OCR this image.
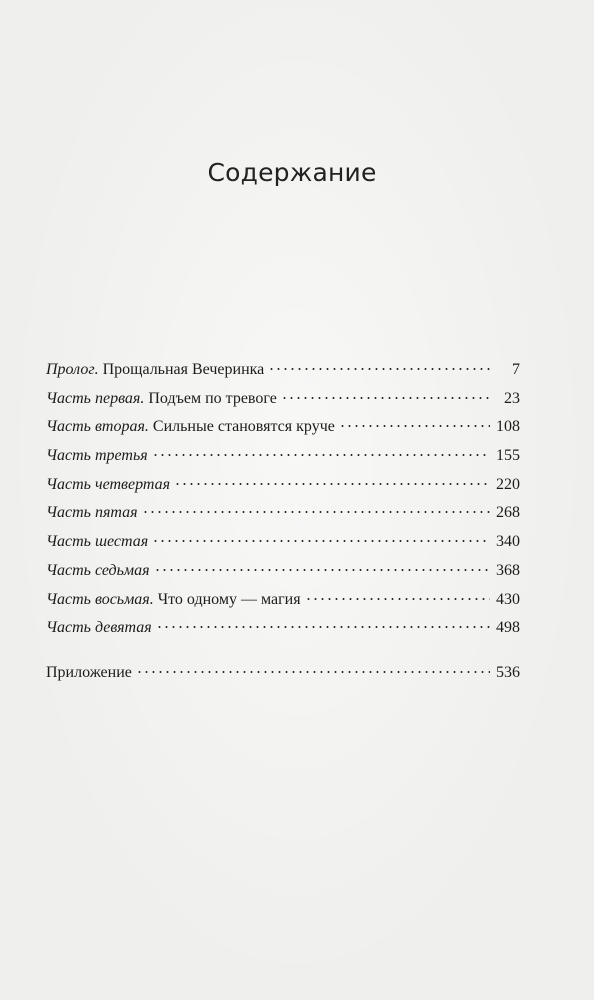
Содержание
Пролог . Прощальная Вечеринка	7
Часть первая . Подъем по тревоге	23
Часть вторая . Сильные становятся круче	108
Часть третья	155
Часть четвертая	220
Часть пятая	268
Часть шестая	340
Часть седьмая	368
Часть восьмая . Что одному — магия	430
Часть девятая	498
Приложение	536
